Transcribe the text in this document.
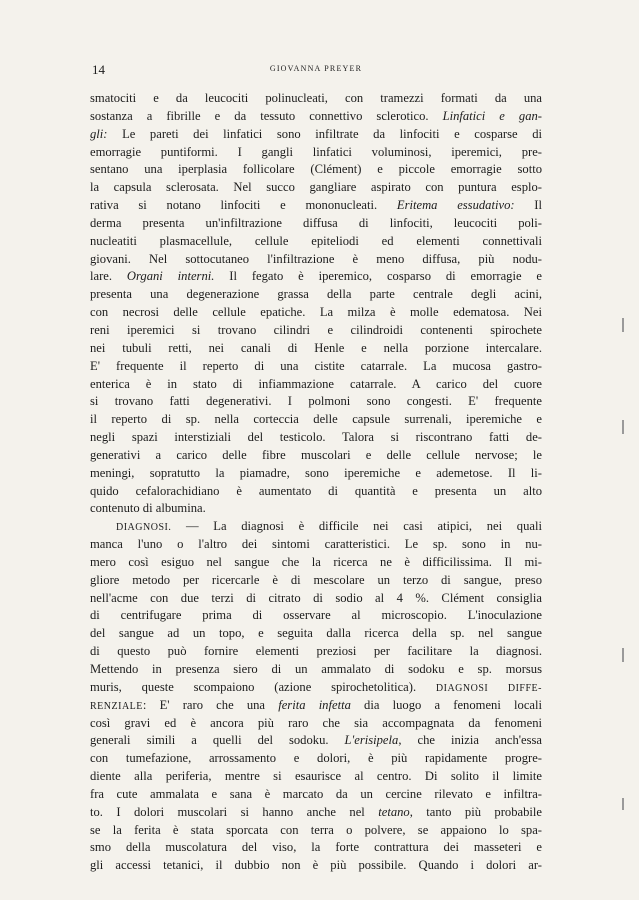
14	GIOVANNA PREYER
smatociti e da leucociti polinucleati, con tramezzi formati da una
sostanza a fibrille e da tessuto connettivo sclerotico. Linfatici e gan-
gli: Le pareti dei linfatici sono infiltrate da linfociti e cosparse di
emorragie puntiformi. I gangli linfatici voluminosi, iperemici, pre-
sentano una iperplasia follicolare (Clément) e piccole emorragie sotto
la capsula sclerosata. Nel succo gangliare aspirato con puntura esplo-
rativa si notano linfociti e mononucleati. Eritema essudativo: Il
derma presenta un'infiltrazione diffusa di linfociti, leucociti poli-
nucleatiti plasmacellule, cellule epiteliodi ed elementi connettivali
giovani. Nel sottocutaneo l'infiltrazione è meno diffusa, più nodu-
lare. Organi interni. Il fegato è iperemico, cosparso di emorragie e
presenta una degenerazione grassa della parte centrale degli acini,
con necrosi delle cellule epatiche. La milza è molle edematosa. Nei
reni iperemici si trovano cilindri e cilindroidi contenenti spirochete
nei tubuli retti, nei canali di Henle e nella porzione intercalare.
E' frequente il reperto di una cistite catarrale. La mucosa gastro-
enterica è in stato di infiammazione catarrale. A carico del cuore
si trovano fatti degenerativi. I polmoni sono congesti. E' frequente
il reperto di sp. nella corteccia delle capsule surrenali, iperemiche e
negli spazi interstiziali del testicolo. Talora si riscontrano fatti de-
generativi a carico delle fibre muscolari e delle cellule nervose; le
meningi, sopratutto la piamadre, sono iperemiche e ademetose. Il li-
quido cefalorachidiano è aumentato di quantità e presenta un alto
contenuto di albumina.
DIAGNOSI. — La diagnosi è difficile nei casi atipici, nei quali
manca l'uno o l'altro dei sintomi caratteristici. Le sp. sono in nu-
mero così esiguo nel sangue che la ricerca ne è difficilissima. Il mi-
gliore metodo per ricercarle è di mescolare un terzo di sangue, preso
nell'acme con due terzi di citrato di sodio al 4 %. Clément consiglia
di centrifugare prima di osservare al microscopio. L'inoculazione
del sangue ad un topo, e seguita dalla ricerca della sp. nel sangue
di questo può fornire elementi preziosi per facilitare la diagnosi.
Mettendo in presenza siero di un ammalato di sodoku e sp. morsus
muris, queste scompaiono (azione spirochetolitica). DIAGNOSI DIFFE-
RENZIALE: E' raro che una ferita infetta dia luogo a fenomeni locali
così gravi ed è ancora più raro che sia accompagnata da fenomeni
generali simili a quelli del sodoku. L'erisipela, che inizia anch'essa
con tumefazione, arrossamento e dolori, è più rapidamente progre-
diente alla periferia, mentre si esaurisce al centro. Di solito il limite
fra cute ammalata e sana è marcato da un cercine rilevato e infiltra-
to. I dolori muscolari si hanno anche nel tetano, tanto più probabile
se la ferita è stata sporcata con terra o polvere, se appaiono lo spa-
smo della muscolatura del viso, la forte contrattura dei masseteri e
gli accessi tetanici, il dubbio non è più possibile. Quando i dolori ar-
